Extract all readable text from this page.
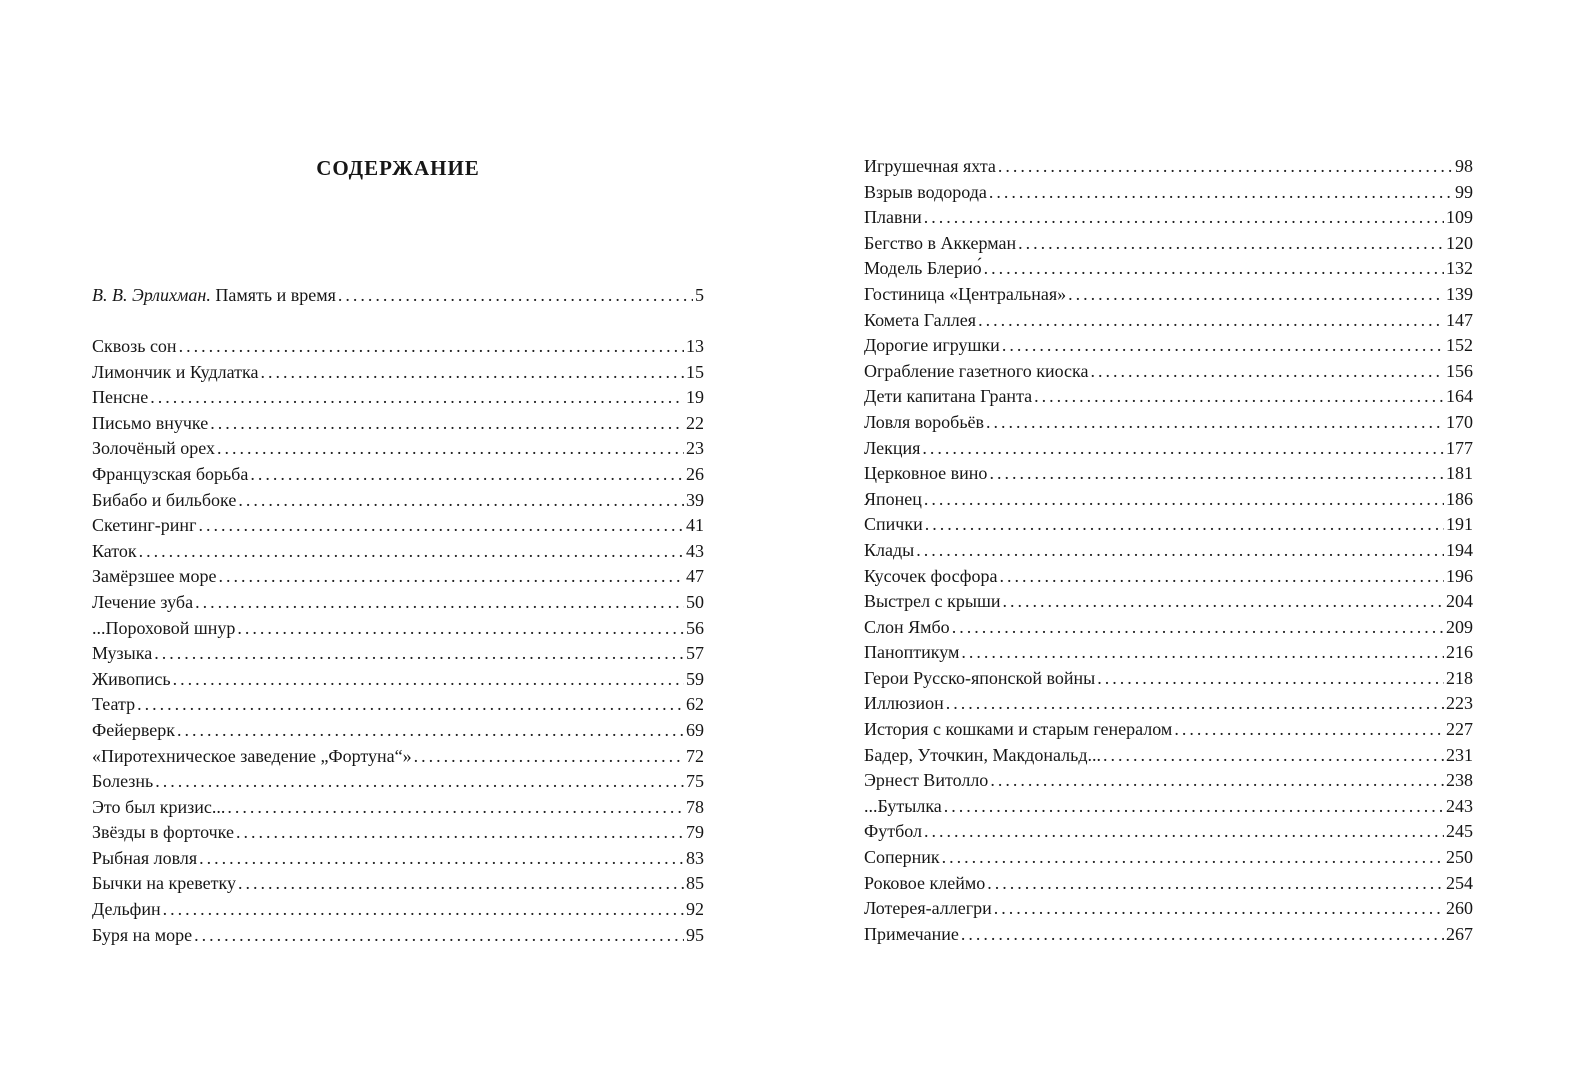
СОДЕРЖАНИЕ
В. В. Эрлихман. Память и время . . .	5
Сквозь сон . . .	13
Лимончик и Кудлатка . . .	15
Пенсне . . .	19
Письмо внучке . . .	22
Золочёный орех . . .	23
Французская борьба . . .	26
Бибабо и бильбоке . . .	39
Скетинг-ринг . . .	41
Каток . . .	43
Замёрзшее море . . .	47
Лечение зуба . . .	50
...Пороховой шнур . . .	56
Музыка . . .	57
Живопись . . .	59
Театр . . .	62
Фейерверк . . .	69
«Пиротехническое заведение „Фортуна“» . . .	72
Болезнь . . .	75
Это был кризис... . . .	78
Звёзды в форточке . . .	79
Рыбная ловля . . .	83
Бычки на креветку . . .	85
Дельфин . . .	92
Буря на море . . .	95
Игрушечная яхта . . .	98
Взрыв водорода . . .	99
Плавни . . .	109
Бегство в Аккерман . . .	120
Модель Блерио́ . . .	132
Гостиница «Центральная» . . .	139
Комета Галлея . . .	147
Дорогие игрушки . . .	152
Ограбление газетного киоска . . .	156
Дети капитана Гранта . . .	164
Ловля воробьёв . . .	170
Лекция . . .	177
Церковное вино . . .	181
Японец . . .	186
Спички . . .	191
Клады . . .	194
Кусочек фосфора . . .	196
Выстрел с крыши . . .	204
Слон Ямбо . . .	209
Паноптикум . . .	216
Герои Русско-японской войны . . .	218
Иллюзион . . .	223
История с кошками и старым генералом . . .	227
Бадер, Уточкин, Макдональд... . . .	231
Эрнест Витолло . . .	238
...Бутылка . . .	243
Футбол . . .	245
Соперник . . .	250
Роковое клеймо . . .	254
Лотерея-аллегри . . .	260
Примечание . . .	267
